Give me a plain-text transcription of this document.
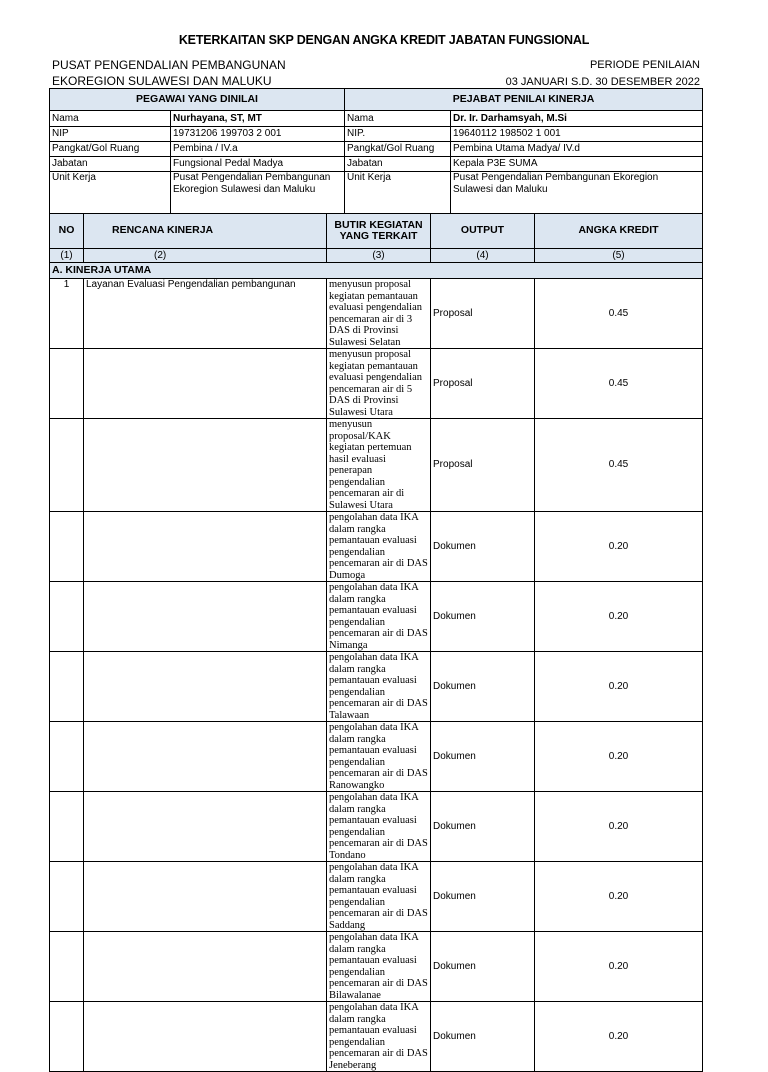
KETERKAITAN SKP DENGAN ANGKA KREDIT JABATAN FUNGSIONAL
PUSAT PENGENDALIAN PEMBANGUNAN
EKOREGION SULAWESI DAN MALUKU
PERIODE PENILAIAN
03 JANUARI S.D. 30 DESEMBER 2022
PEGAWAI YANG DINILAI				PEJABAT PENILAI KINERJA			
Nama		Nurhayana, ST, MT		Nama		Dr. Ir. Darhamsyah, M.Si	
NIP		19731206 199703 2 001		NIP.		19640112 198502 1 001	
Pangkat/Gol Ruang		Pembina / IV.a		Pangkat/Gol Ruang		Pembina Utama Madya/ IV.d	
Jabatan		Fungsional Pedal Madya		Jabatan		Kepala P3E SUMA	
Unit Kerja		Pusat Pengendalian Pembangunan Ekoregion Sulawesi dan Maluku		Unit Kerja		Pusat Pengendalian Pembangunan Ekoregion Sulawesi dan Maluku	
NO	RENCANA KINERJA		BUTIR KEGIATAN YANG TERKAIT		OUTPUT		ANGKA KREDIT
(1)	(2)		(3)		(4)		(5)
A. KINERJA UTAMA							
1	Layanan Evaluasi Pengendalian pembangunan		menyusun proposal kegiatan pemantauan evaluasi pengendalian pencemaran air di 3 DAS di Provinsi Sulawesi Selatan		Proposal		0.45
			menyusun proposal kegiatan pemantauan evaluasi pengendalian pencemaran air di 5 DAS di Provinsi Sulawesi Utara		Proposal		0.45
			menyusun proposal/KAK kegiatan pertemuan hasil evaluasi penerapan pengendalian pencemaran air di Sulawesi Utara		Proposal		0.45
			pengolahan data IKA dalam rangka pemantauan evaluasi pengendalian pencemaran air di DAS Dumoga		Dokumen		0.20
			pengolahan data IKA dalam rangka pemantauan evaluasi pengendalian pencemaran air di DAS Nimanga		Dokumen		0.20
			pengolahan data IKA dalam rangka pemantauan evaluasi pengendalian pencemaran air di DAS Talawaan		Dokumen		0.20
			pengolahan data IKA dalam rangka pemantauan evaluasi pengendalian pencemaran air di DAS Ranowangko		Dokumen		0.20
			pengolahan data IKA dalam rangka pemantauan evaluasi pengendalian pencemaran air di DAS Tondano		Dokumen		0.20
			pengolahan data IKA dalam rangka pemantauan evaluasi pengendalian pencemaran air di DAS Saddang		Dokumen		0.20
			pengolahan data IKA dalam rangka pemantauan evaluasi pengendalian pencemaran air di DAS Bilawalanae		Dokumen		0.20
			pengolahan data IKA dalam rangka pemantauan evaluasi pengendalian pencemaran air di DAS Jeneberang		Dokumen		0.20
